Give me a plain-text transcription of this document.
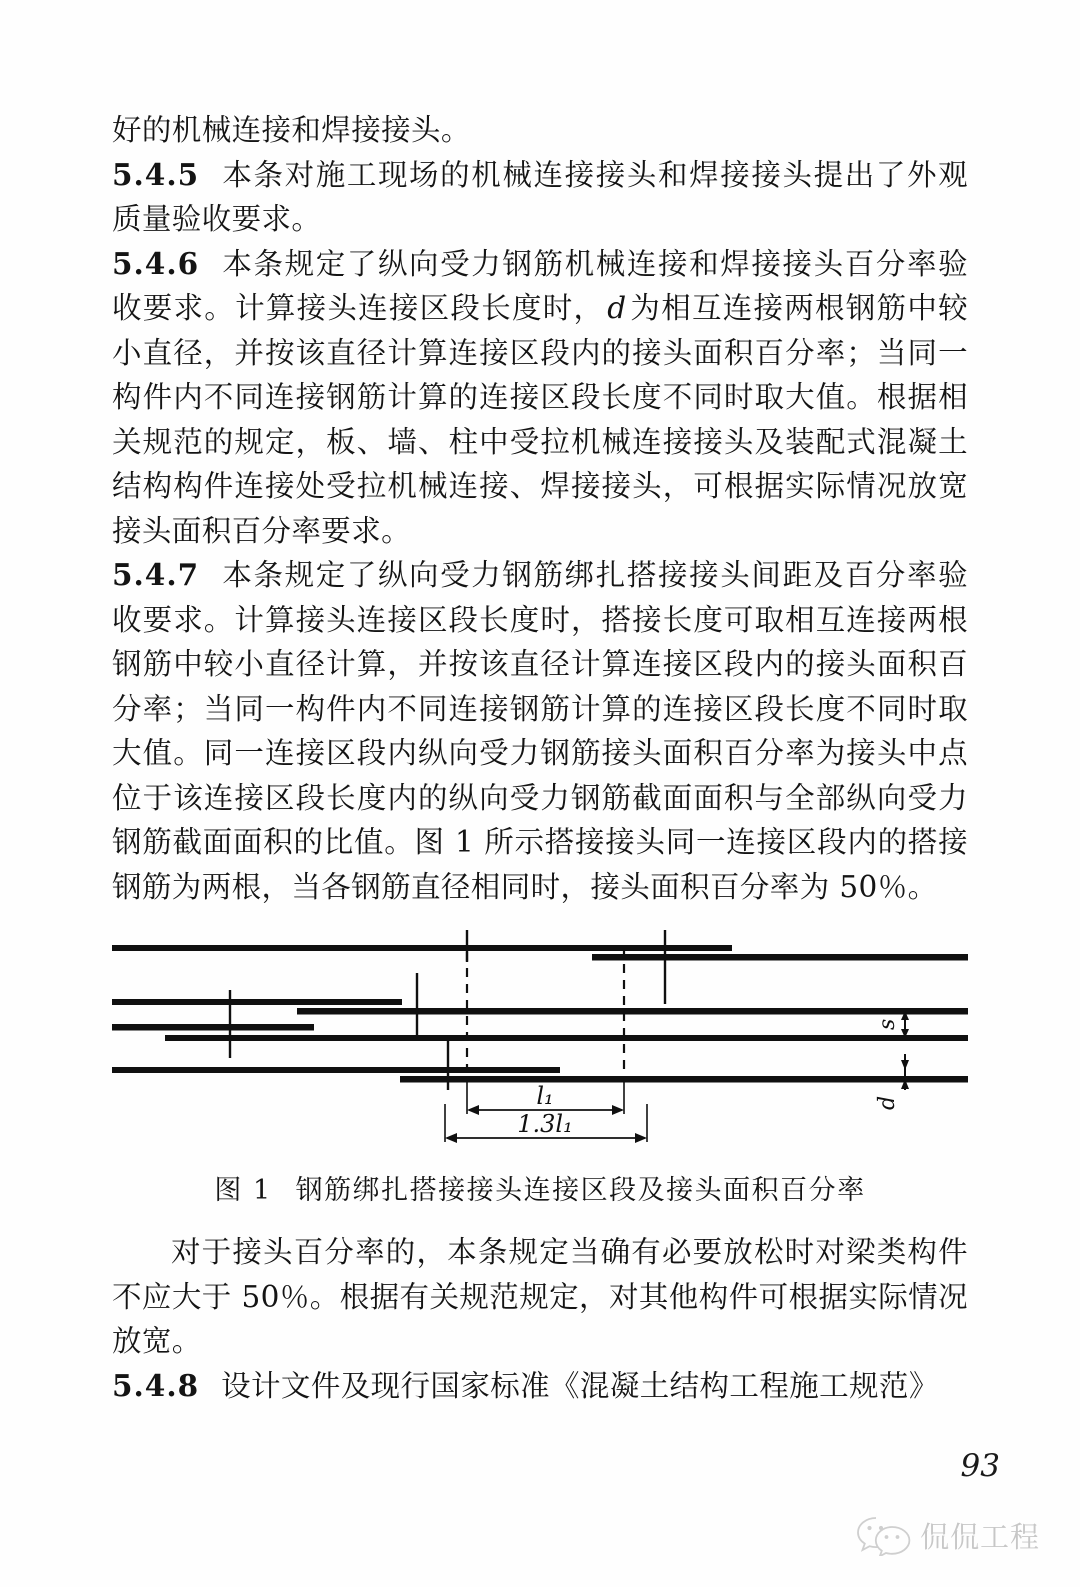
好的机械连接和焊接接头。

5.4.5 本条对施工现场的机械连接接头和焊接接头提出了外观质量验收要求。

5.4.6 本条规定了纵向受力钢筋机械连接和焊接接头百分率验收要求。计算接头连接区段长度时， d 为相互连接两根钢筋中较小直径，并按该直径计算连接区段内的接头面积百分率；当同一构件内不同连接钢筋计算的连接区段长度不同时取大值。根据相关规范的规定，板、墙、柱中受拉机械连接接头及装配式混凝土结构构件连接处受拉机械连接、焊接接头，可根据实际情况放宽接头面积百分率要求。

5.4.7 本条规定了纵向受力钢筋绑扎搭接接头间距及百分率验收要求。计算接头连接区段长度时，搭接长度可取相互连接两根钢筋中较小直径计算，并按该直径计算连接区段内的接头面积百分率；当同一构件内不同连接钢筋计算的连接区段长度不同时取大值。同一连接区段内纵向受力钢筋接头面积百分率为接头中点位于该连接区段长度内的纵向受力钢筋截面面积与全部纵向受力钢筋截面面积的比值。图 1 所示搭接接头同一连接区段内的搭接钢筋为两根，当各钢筋直径相同时，接头面积百分率为 50％。

s
d
l₁
1.3l₁
图 1 钢筋绑扎搭接接头连接区段及接头面积百分率

对于接头百分率的，本条规定当确有必要放松时对梁类构件不应大于 50％。根据有关规范规定，对其他构件可根据实际情况放宽。

5.4.8 设计文件及现行国家标准《混凝土结构工程施工规范》

93
侃侃工程
